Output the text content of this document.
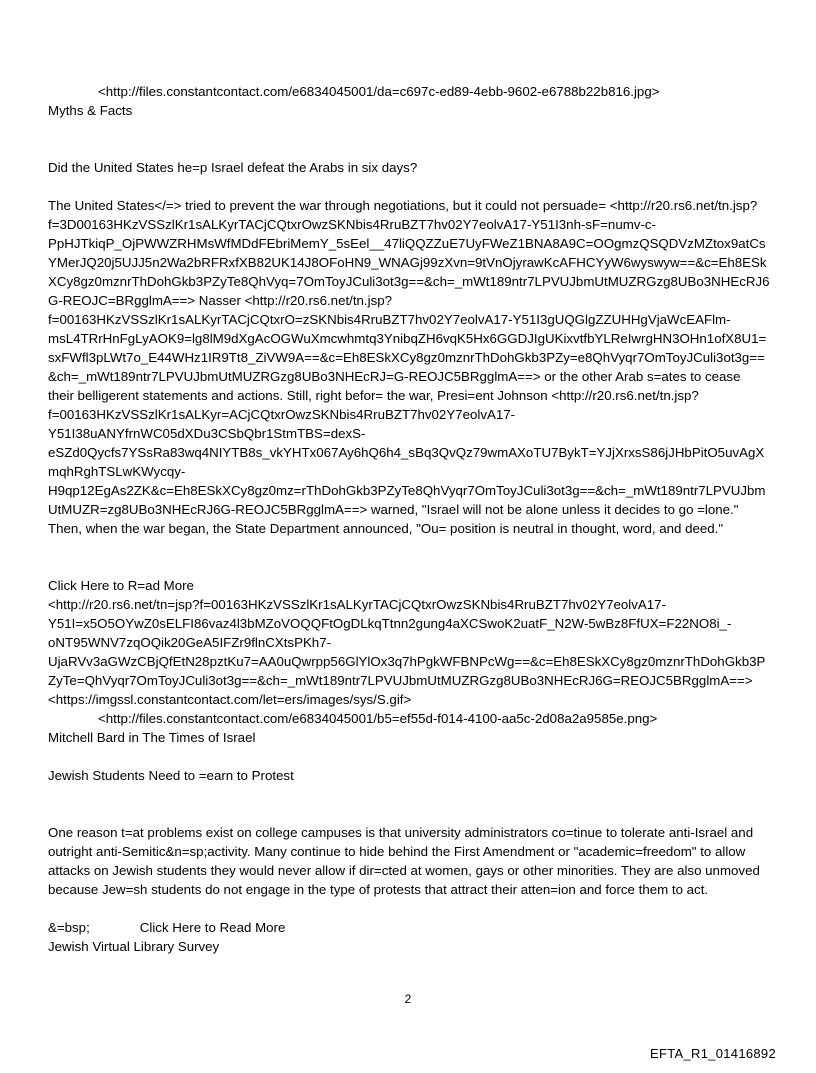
<http://files.constantcontact.com/e6834045001/da=c697c-ed89-4ebb-9602-e6788b22b816.jpg>

Myths & Facts

Did the United States he=p Israel defeat the Arabs in six days?

The United States</=> tried to prevent the war through negotiations, but it could not persuade= <http://r20.rs6.net/tn.jsp?f=3D00163HKzVSSzlKr1sALKyrTACjCQtxrOwzSKNbis4RruBZT7hv02Y7eolvA17-Y51I3nh-sF=numv-c-PpHJTkiqP_OjPWWZRHMsWfMDdFEbriMemY_5sEel__47liQQZZuE7UyFWeZ1BNA8A9C=OOgmzQSQDVzMZtox9atCsYMerJQ20j5UJJ5n2Wa2bRFRxfXB82UK14J8OFoHN9_WNAGj99zXvn=9tVnOjyrawKcAFHCYyW6wyswyw==&c=Eh8ESkXCy8gz0mznrThDohGkb3PZyTe8QhVyq=7OmToyJCuli3ot3g==&ch=_mWt189ntr7LPVUJbmUtMUZRGzg8UBo3NHEcRJ6G-REOJC=BRgglmA==> Nasser <http://r20.rs6.net/tn.jsp?f=00163HKzVSSzlKr1sALKyrTACjCQtxrO=zSKNbis4RruBZT7hv02Y7eolvA17-Y51I3gUQGlgZZUHHgVjaWcEAFlm-msL4TRrHnFgLyAOK9=lg8lM9dXgAcOGWuXmcwhmtq3YnibqZH6vqK5Hx6GGDJIgUKixvtfbYLReIwrgHN3OHn1ofX8U1=sxFWfl3pLWt7o_E44WHz1IR9Tt8_ZiVW9A==&c=Eh8ESkXCy8gz0mznrThDohGkb3PZy=e8QhVyqr7OmToyJCuli3ot3g==&ch=_mWt189ntr7LPVUJbmUtMUZRGzg8UBo3NHEcRJ=G-REOJC5BRgglmA==> or the other Arab s=ates to cease their belligerent statements and actions. Still, right befor= the war, Presi=ent Johnson <http://r20.rs6.net/tn.jsp?f=00163HKzVSSzlKr1sALKyr=ACjCQtxrOwzSKNbis4RruBZT7hv02Y7eolvA17-Y51I38uANYfrnWC05dXDu3CSbQbr1StmTBS=dexS-eSZd0Qycfs7YSsRa83wq4NIYTB8s_vkYHTx067Ay6hQ6h4_sBq3QvQz79wmAXoTU7BykT=YJjXrxsS86jJHbPitO5uvAgXmqhRghTSLwKWycqy-H9qp12EgAs2ZK&c=Eh8ESkXCy8gz0mz=rThDohGkb3PZyTe8QhVyqr7OmToyJCuli3ot3g==&ch=_mWt189ntr7LPVUJbmUtMUZR=zg8UBo3NHEcRJ6G-REOJC5BRgglmA==> warned, "Israel will not be alone unless it decides to go =lone." Then, when the war began, the State Department announced, "Ou= position is neutral in thought, word, and deed."

Click Here to R=ad More

<http://r20.rs6.net/tn=jsp?f=00163HKzVSSzlKr1sALKyrTACjCQtxrOwzSKNbis4RruBZT7hv02Y7eolvA17-Y51I=x5O5OYwZ0sELFI86vaz4l3bMZoVOQQFtOgDLkqTtnn2gung4aXCSwoK2uatF_N2W-5wBz8FfUX=F22NO8i_-oNT95WNV7zqOQik20GeA5IFZr9flnCXtsPKh7-UjaRVv3aGWzCBjQfEtN28pztKu7=AA0uQwrpp56GlYlOx3q7hPgkWFBNPcWg==&c=Eh8ESkXCy8gz0mznrThDohGkb3PZyTe=QhVyqr7OmToyJCuli3ot3g==&ch=_mWt189ntr7LPVUJbmUtMUZRGzg8UBo3NHEcRJ6G=REOJC5BRgglmA==>

<https://imgssl.constantcontact.com/let=ers/images/sys/S.gif>

<http://files.constantcontact.com/e6834045001/b5=ef55d-f014-4100-aa5c-2d08a2a9585e.png>

Mitchell Bard in The Times of Israel

Jewish Students Need to =earn to Protest

One reason t=at problems exist on college campuses is that university administrators co=tinue to tolerate anti-Israel and outright anti-Semitic&n=sp;activity. Many continue to hide behind the First Amendment or "academic=freedom" to allow attacks on Jewish students they would never allow if dir=cted at women, gays or other minorities. They are also unmoved because Jew=sh students do not engage in the type of protests that attract their atten=ion and force them to act.

&=bsp;	Click Here to Read More

Jewish Virtual Library Survey

2
EFTA_R1_01416892
